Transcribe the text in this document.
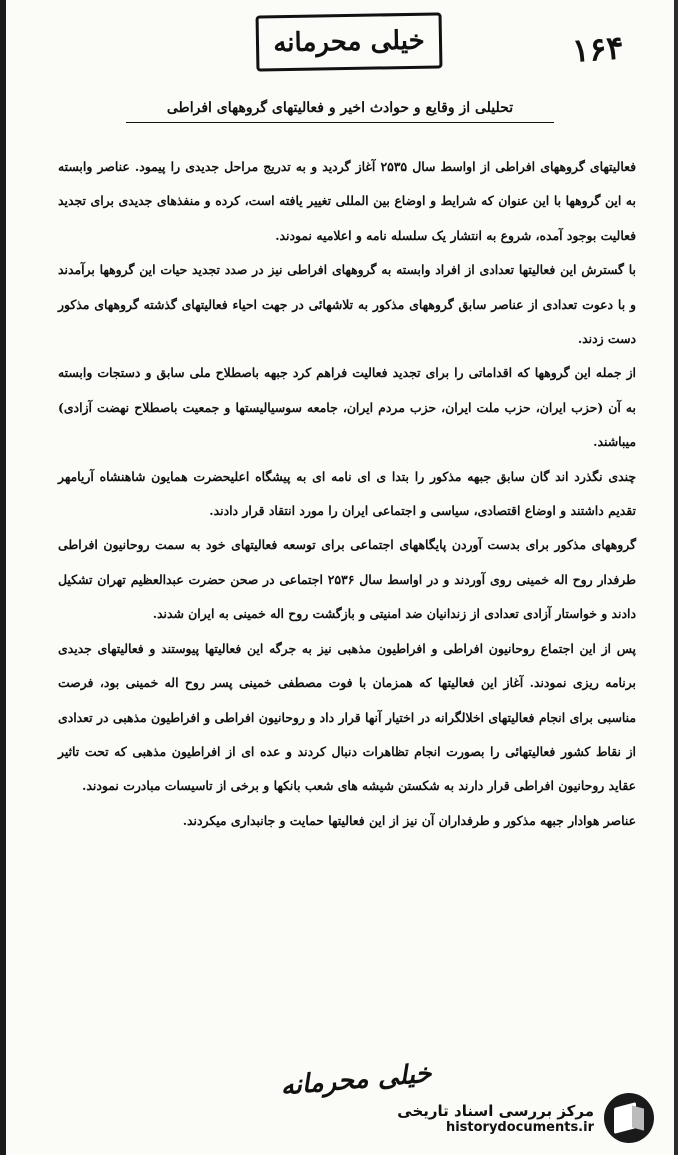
خیلی محرمانه	۱۶۴
تحلیلی از وقایع و حوادث اخیر و فعالیتهای گروههای افراطی

فعالیتهای گروههای افراطی از اواسط سال ۲۵۳۵ آغاز گردید و به تدریج مراحل جدیدی را پیمود. عناصر وابسته به این گروهها با این عنوان که شرایط و اوضاع بین المللی تغییر یافته است، کرده و منفذهای جدیدی برای تجدید فعالیت بوجود آمده، شروع به انتشار یک سلسله نامه و اعلامیه نمودند.

با گسترش این فعالیتها تعدادی از افراد وابسته به گروههای افراطی نیز در صدد تجدید حیات این گروهها برآمدند و با دعوت تعدادی از عناصر سابق گروههای مذکور به تلاشهائی در جهت احیاء فعالیتهای گذشته گروههای مذکور دست زدند.

از جمله این گروهها که اقداماتی را برای تجدید فعالیت فراهم کرد جبهه باصطلاح ملی سابق و دستجات وابسته به آن (حزب ایران، حزب ملت ایران، حزب مردم ایران، جامعه سوسیالیستها و جمعیت باصطلاح نهضت آزادی) میباشند.

چندی نگذرد اند گان سابق جبهه مذکور را بتدا ی ای نامه ای به پیشگاه اعلیحضرت همایون شاهنشاه آریامهر تقدیم داشتند و اوضاع اقتصادی، سیاسی و اجتماعی ایران را مورد انتقاد قرار دادند.

گروههای مذکور برای بدست آوردن پایگاههای اجتماعی برای توسعه فعالیتهای خود به سمت روحانیون افراطی طرفدار روح اله خمینی روی آوردند و در اواسط سال ۲۵۳۶ اجتماعی در صحن حضرت عبدالعظیم تهران تشکیل دادند و خواستار آزادی تعدادی از زندانیان ضد امنیتی و بازگشت روح اله خمینی به ایران شدند.

پس از این اجتماع روحانیون افراطی و افراطیون مذهبی نیز به جرگه این فعالیتها پیوستند و فعالیتهای جدیدی برنامه ریزی نمودند. آغاز این فعالیتها که همزمان با فوت مصطفی خمینی پسر روح اله خمینی بود، فرصت مناسبی برای انجام فعالیتهای اخلالگرانه در اختیار آنها قرار داد و روحانیون افراطی و افراطیون مذهبی در تعدادی از نقاط کشور فعالیتهائی را بصورت انجام تظاهرات دنبال کردند و عده ای از افراطیون مذهبی که تحت تاثیر عقاید روحانیون افراطی قرار دارند به شکستن شیشه های شعب بانکها و برخی از تاسیسات مبادرت نمودند.

عناصر هوادار جبهه مذکور و طرفداران آن نیز از این فعالیتها حمایت و جانبداری میکردند.

خیلی محرمانه
مرکز بررسی اسناد تاریخی
historydocuments.ir
